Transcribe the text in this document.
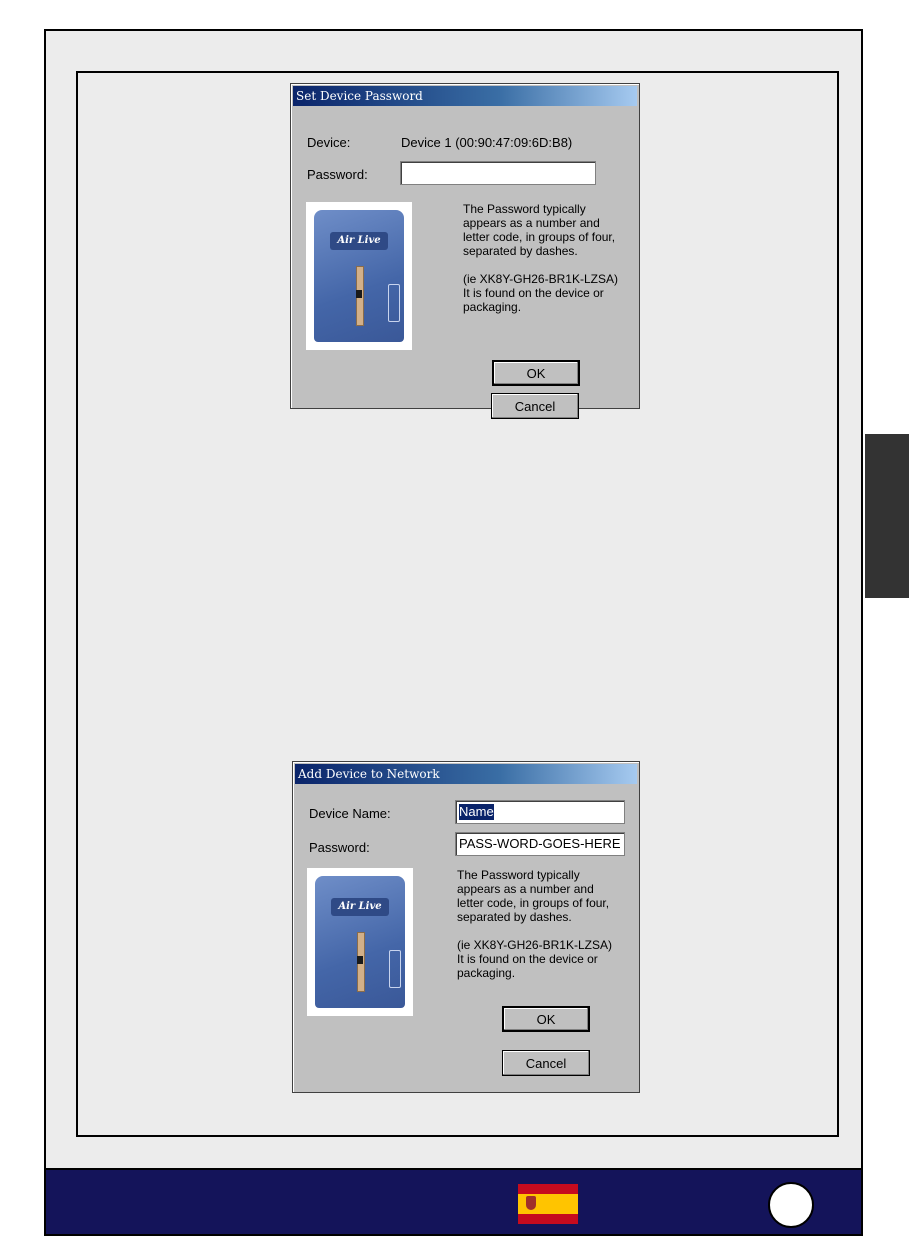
Set Device Password
Device:	Device 1 (00:90:47:09:6D:B8)
Password:
Air Live
The Password typically
appears as a number and
letter code, in groups of four,
separated by dashes.

(ie XK8Y-GH26-BR1K-LZSA)
It is found on the device or
packaging.
OK
Cancel
Add Device to Network
Device Name:	Name
Password:	PASS-WORD-GOES-HERE
Air Live
The Password typically
appears as a number and
letter code, in groups of four,
separated by dashes.

(ie XK8Y-GH26-BR1K-LZSA)
It is found on the device or
packaging.
OK
Cancel
